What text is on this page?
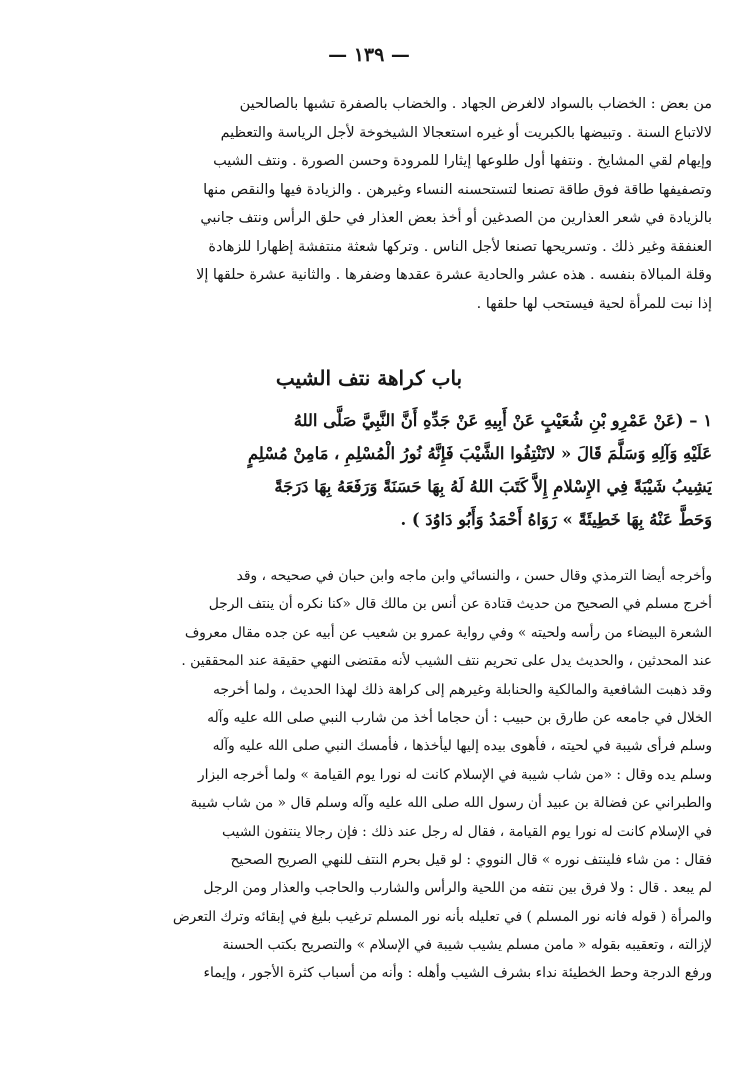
— ١٣٩ —
من بعض : الخضاب بالسواد لالغرض الجهاد . والخضاب بالصفرة تشبها بالصالحين
لالاتباع السنة . وتبيضها بالكبريت أو غيره استعجالا الشيخوخة لأجل الرياسة والتعظيم
وإيهام لقي المشايخ . ونتفها أول طلوعها إيثارا للمرودة وحسن الصورة . ونتف الشيب
وتصفيفها طاقة فوق طاقة تصنعا لتستحسنه النساء وغيرهن . والزيادة فيها والنقص منها
بالزيادة في شعر العذارين من الصدغين أو أخذ بعض العذار في حلق الرأس ونتف جانبي
العنفقة وغير ذلك . وتسريحها تصنعا لأجل الناس . وتركها شعثة منتفشة إظهارا للزهادة
وقلة المبالاة بنفسه . هذه عشر والحادية عشرة عقدها وضفرها . والثانية عشرة حلقها إلا
إذا نبت للمرأة لحية فيستحب لها حلقها .
باب كراهة نتف الشيب
١ – (عَنْ عَمْرِو بْنِ شُعَيْبٍ عَنْ أَبِيهِ عَنْ جَدِّهِ أَنَّ النَّبِيَّ صَلَّى اللهُ
عَلَيْهِ وَآلِهِ وَسَلَّمَ قَالَ « لاتَنْتِفُوا الشَّيْبَ فَإِنَّهُ نُورُ الْمُسْلِمِ ، مَامِنْ مُسْلِمٍ
يَشِيبُ شَيْبَةً فِي الإِسْلامِ إِلاَّ كَتَبَ اللهُ لَهُ بِهَا حَسَنَةً وَرَفَعَهُ بِهَا دَرَجَةً
وَحَطَّ عَنْهُ بِهَا خَطِيئَةً » رَوَاهُ أَحْمَدُ وَأَبُو دَاوُدَ ) .
وأخرجه أيضا الترمذي وقال حسن ، والنسائي وابن ماجه وابن حبان في صحيحه ، وقد
أخرج مسلم في الصحيح من حديث قتادة عن أنس بن مالك قال «كنا نكره أن ينتف الرجل
الشعرة البيضاء من رأسه ولحيته » وفي رواية عمرو بن شعيب عن أبيه عن جده مقال معروف
عند المحدثين ، والحديث يدل على تحريم نتف الشيب لأنه مقتضى النهي حقيقة عند المحققين .
وقد ذهبت الشافعية والمالكية والحنابلة وغيرهم إلى كراهة ذلك لهذا الحديث ، ولما أخرجه
الخلال في جامعه عن طارق بن حبيب : أن حجاما أخذ من شارب النبي صلى الله عليه وآله
وسلم فرأى شيبة في لحيته ، فأهوى بيده إليها ليأخذها ، فأمسك النبي صلى الله عليه وآله
وسلم يده وقال : «من شاب شيبة في الإسلام كانت له نورا يوم القيامة » ولما أخرجه البزار
والطبراني عن فضالة بن عبيد أن رسول الله صلى الله عليه وآله وسلم قال « من شاب شيبة
في الإسلام كانت له نورا يوم القيامة ، فقال له رجل عند ذلك : فإن رجالا ينتفون الشيب
فقال : من شاء فلينتف نوره » قال النووي : لو قيل بحرم النتف للنهي الصريح الصحيح
لم يبعد . قال : ولا فرق بين نتفه من اللحية والرأس والشارب والحاجب والعذار ومن الرجل
والمرأة ( قوله فانه نور المسلم ) في تعليله بأنه نور المسلم ترغيب بليغ في إبقائه وترك التعرض
لإزالته ، وتعقيبه بقوله « مامن مسلم يشيب شيبة في الإسلام » والتصريح بكتب الحسنة
ورفع الدرجة وحط الخطيئة نداء بشرف الشيب وأهله : وأنه من أسباب كثرة الأجور ، وإيماء
